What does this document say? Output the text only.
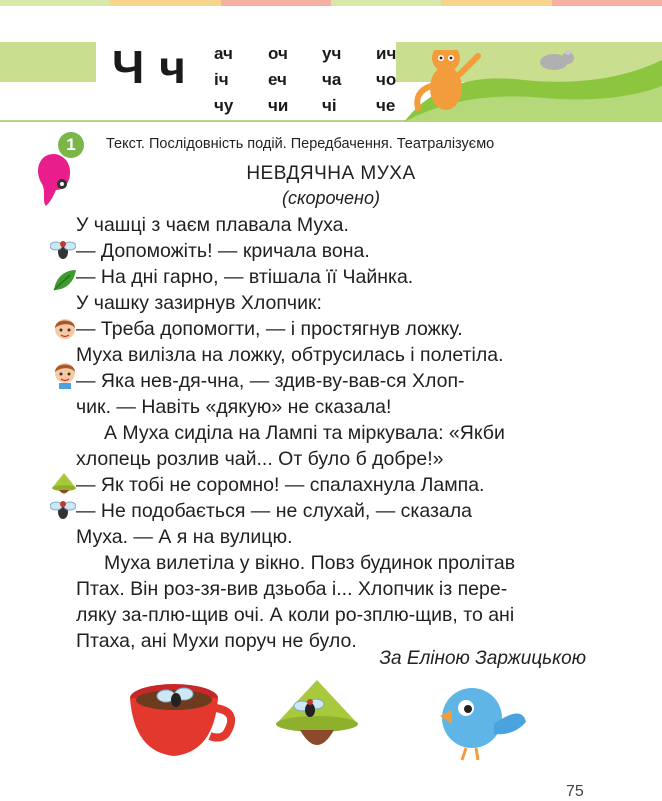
Ч ч ач	оч	уч	ич
іч	еч	ча	чо
чу	чи	чі	че
1	Текст. Послідовність подій. Передбачення. Театралізуємо
НЕВДЯЧНА МУХА
(скорочено)
У чашці з чаєм плавала Муха.
— Допоможіть! — кричала вона.
— На дні гарно, — втішала її Чайнка.
У чашку зазирнув Хлопчик:
— Треба допомогти, — і простягнув ложку.
Муха вилізла на ложку, обтрусилась і полетіла.
— Яка нев-дя-чна, — здив-ву-вав-ся Хлоп-
чик. — Навіть «дякую» не сказала!
А Муха сиділа на Лампі та міркувала: «Якби
хлопець розлив чай... От було б добре!»
— Як тобі не соромно! — спалахнула Лампа.
— Не подобається — не слухай, — сказала
Муха. — А я на вулицю.
Муха вилетіла у вікно. Повз будинок пролітав
Птах. Він роз-зя-вив дзьоба і... Хлопчик із пере-
ляку за-плю-щив очі. А коли ро-зплю-щив, то ані
Птаха, ані Мухи поруч не було.
За Еліною Заржицькою
75
